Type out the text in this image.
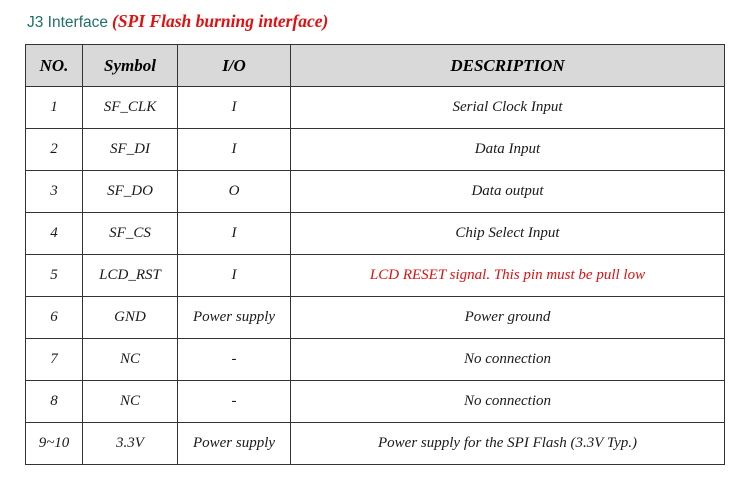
J3 Interface (SPI Flash burning interface)
NO.	Symbol	I/O	DESCRIPTION
1	SF_CLK	I	Serial Clock Input
2	SF_DI	I	Data Input
3	SF_DO	O	Data output
4	SF_CS	I	Chip Select Input
5	LCD_RST	I	LCD RESET signal. This pin must be pull low
6	GND	Power supply	Power ground
7	NC	-	No connection
8	NC	-	No connection
9~10	3.3V	Power supply	Power supply for the SPI Flash (3.3V Typ.)
